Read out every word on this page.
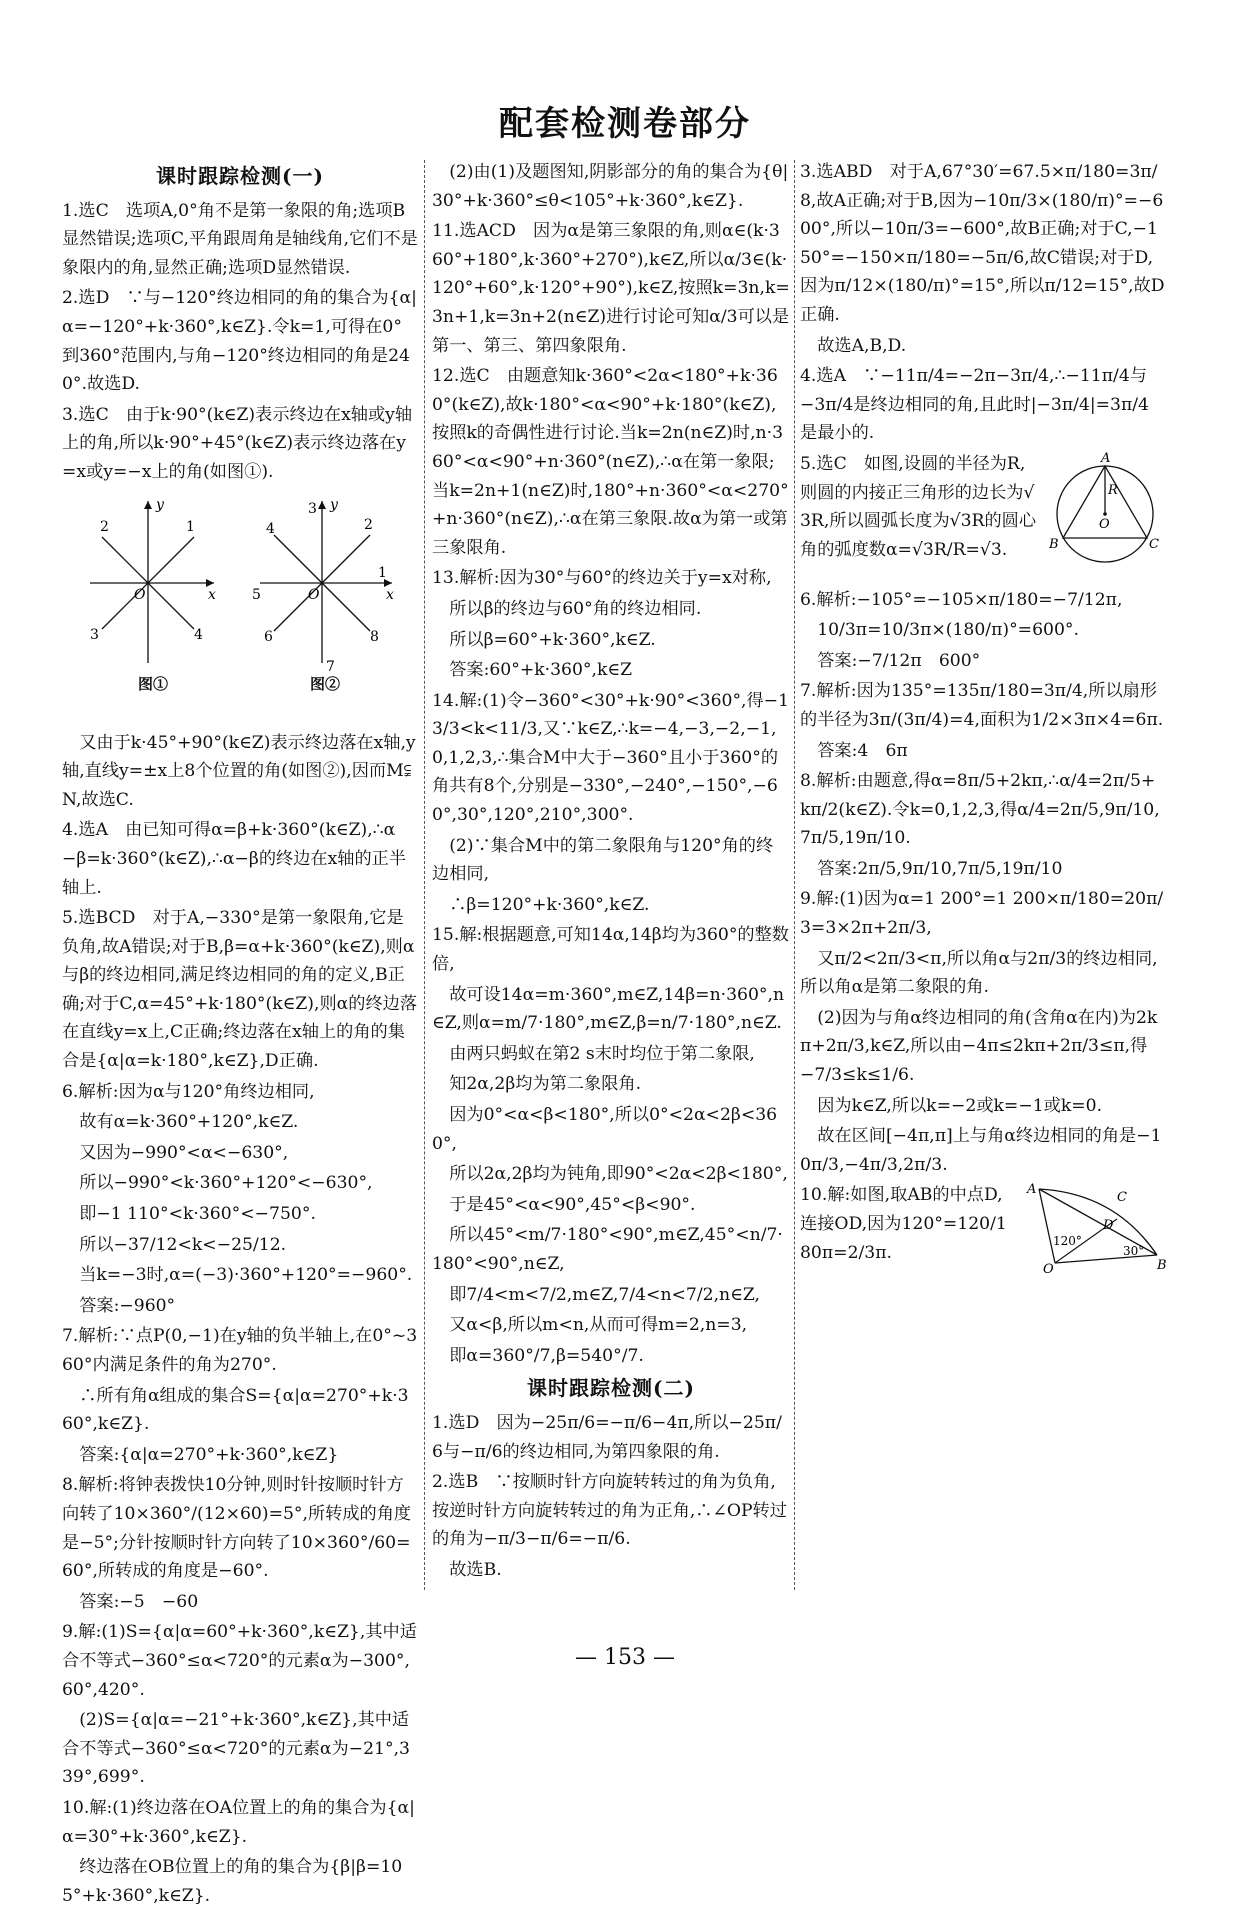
配套检测卷部分
课时跟踪检测(一)
1.选C　选项A,0°角不是第一象限的角;选项B显然错误;选项C,平角跟周角是轴线角,它们不是象限内的角,显然正确;选项D显然错误.
2.选D　∵与−120°终边相同的角的集合为{α|α=−120°+k·360°,k∈Z}.令k=1,可得在0°到360°范围内,与角−120°终边相同的角是240°.故选D.
3.选C　由于k·90°(k∈Z)表示终边在x轴或y轴上的角,所以k·90°+45°(k∈Z)表示终边落在y=x或y=−x上的角(如图①).
y
x
O
1
2
3	4
图①
y
x
O
1
2
3
4
5
6
7
8
图②
　又由于k·45°+90°(k∈Z)表示终边落在x轴,y轴,直线y=±x上8个位置的角(如图②),因而M⫋N,故选C.
4.选A　由已知可得α=β+k·360°(k∈Z),∴α−β=k·360°(k∈Z),∴α−β的终边在x轴的正半轴上.
5.选BCD　对于A,−330°是第一象限角,它是负角,故A错误;对于B,β=α+k·360°(k∈Z),则α与β的终边相同,满足终边相同的角的定义,B正确;对于C,α=45°+k·180°(k∈Z),则α的终边落在直线y=x上,C正确;终边落在x轴上的角的集合是{α|α=k·180°,k∈Z},D正确.
6.解析:因为α与120°角终边相同,
　故有α=k·360°+120°,k∈Z.
　又因为−990°<α<−630°,
　所以−990°<k·360°+120°<−630°,
　即−1 110°<k·360°<−750°.
　所以−37/12<k<−25/12.
　当k=−3时,α=(−3)·360°+120°=−960°.
　答案:−960°
7.解析:∵点P(0,−1)在y轴的负半轴上,在0°~360°内满足条件的角为270°.
　∴所有角α组成的集合S={α|α=270°+k·360°,k∈Z}.
　答案:{α|α=270°+k·360°,k∈Z}
8.解析:将钟表拨快10分钟,则时针按顺时针方向转了10×360°/(12×60)=5°,所转成的角度是−5°;分针按顺时针方向转了10×360°/60=60°,所转成的角度是−60°.
　答案:−5　−60
9.解:(1)S={α|α=60°+k·360°,k∈Z},其中适合不等式−360°≤α<720°的元素α为−300°,60°,420°.
　(2)S={α|α=−21°+k·360°,k∈Z},其中适合不等式−360°≤α<720°的元素α为−21°,339°,699°.
10.解:(1)终边落在OA位置上的角的集合为{α|α=30°+k·360°,k∈Z}.
　终边落在OB位置上的角的集合为{β|β=105°+k·360°,k∈Z}.
　(2)由(1)及题图知,阴影部分的角的集合为{θ|30°+k·360°≤θ<105°+k·360°,k∈Z}.
11.选ACD　因为α是第三象限的角,则α∈(k·360°+180°,k·360°+270°),k∈Z,所以α/3∈(k·120°+60°,k·120°+90°),k∈Z,按照k=3n,k=3n+1,k=3n+2(n∈Z)进行讨论可知α/3可以是第一、第三、第四象限角.
12.选C　由题意知k·360°<2α<180°+k·360°(k∈Z),故k·180°<α<90°+k·180°(k∈Z),按照k的奇偶性进行讨论.当k=2n(n∈Z)时,n·360°<α<90°+n·360°(n∈Z),∴α在第一象限;当k=2n+1(n∈Z)时,180°+n·360°<α<270°+n·360°(n∈Z),∴α在第三象限.故α为第一或第三象限角.
13.解析:因为30°与60°的终边关于y=x对称,
　所以β的终边与60°角的终边相同.
　所以β=60°+k·360°,k∈Z.
　答案:60°+k·360°,k∈Z
14.解:(1)令−360°<30°+k·90°<360°,得−13/3<k<11/3,又∵k∈Z,∴k=−4,−3,−2,−1,0,1,2,3,∴集合M中大于−360°且小于360°的角共有8个,分别是−330°,−240°,−150°,−60°,30°,120°,210°,300°.
　(2)∵集合M中的第二象限角与120°角的终边相同,
　∴β=120°+k·360°,k∈Z.
15.解:根据题意,可知14α,14β均为360°的整数倍,
　故可设14α=m·360°,m∈Z,14β=n·360°,n∈Z,则α=m/7·180°,m∈Z,β=n/7·180°,n∈Z.
　由两只蚂蚁在第2 s末时均位于第二象限,
　知2α,2β均为第二象限角.
　因为0°<α<β<180°,所以0°<2α<2β<360°,
　所以2α,2β均为钝角,即90°<2α<2β<180°,
　于是45°<α<90°,45°<β<90°.
　所以45°<m/7·180°<90°,m∈Z,45°<n/7·180°<90°,n∈Z,
　即7/4<m<7/2,m∈Z,7/4<n<7/2,n∈Z,
　又α<β,所以m<n,从而可得m=2,n=3,
　即α=360°/7,β=540°/7.
课时跟踪检测(二)
1.选D　因为−25π/6=−π/6−4π,所以−25π/6与−π/6的终边相同,为第四象限的角.
2.选B　∵按顺时针方向旋转转过的角为负角,按逆时针方向旋转转过的角为正角,∴∠OP转过的角为−π/3−π/6=−π/6.
　故选B.
3.选ABD　对于A,67°30′=67.5×π/180=3π/8,故A正确;对于B,因为−10π/3×(180/π)°=−600°,所以−10π/3=−600°,故B正确;对于C,−150°=−150×π/180=−5π/6,故C错误;对于D,因为π/12×(180/π)°=15°,所以π/12=15°,故D正确.
　故选A,B,D.
4.选A　∵−11π/4=−2π−3π/4,∴−11π/4与−3π/4是终边相同的角,且此时|−3π/4|=3π/4是最小的.
A
B	C
O
R
5.选C　如图,设圆的半径为R,则圆的内接正三角形的边长为√3R,所以圆弧长度为√3R的圆心角的弧度数α=√3R/R=√3.
6.解析:−105°=−105×π/180=−7/12π,
　10/3π=10/3π×(180/π)°=600°.
　答案:−7/12π　600°
7.解析:因为135°=135π/180=3π/4,所以扇形的半径为3π/(3π/4)=4,面积为1/2×3π×4=6π.
　答案:4　6π
8.解析:由题意,得α=8π/5+2kπ,∴α/4=2π/5+kπ/2(k∈Z).令k=0,1,2,3,得α/4=2π/5,9π/10,7π/5,19π/10.
　答案:2π/5,9π/10,7π/5,19π/10
9.解:(1)因为α=1 200°=1 200×π/180=20π/3=3×2π+2π/3,
　又π/2<2π/3<π,所以角α与2π/3的终边相同,所以角α是第二象限的角.
　(2)因为与角α终边相同的角(含角α在内)为2kπ+2π/3,k∈Z,所以由−4π≤2kπ+2π/3≤π,得−7/3≤k≤1/6.
　因为k∈Z,所以k=−2或k=−1或k=0.
　故在区间[−4π,π]上与角α终边相同的角是−10π/3,−4π/3,2π/3.
A
B
C
D
O
120°
30°
10.解:如图,取AB的中点D,连接OD,因为120°=120/180π=2/3π.
— 153 —
